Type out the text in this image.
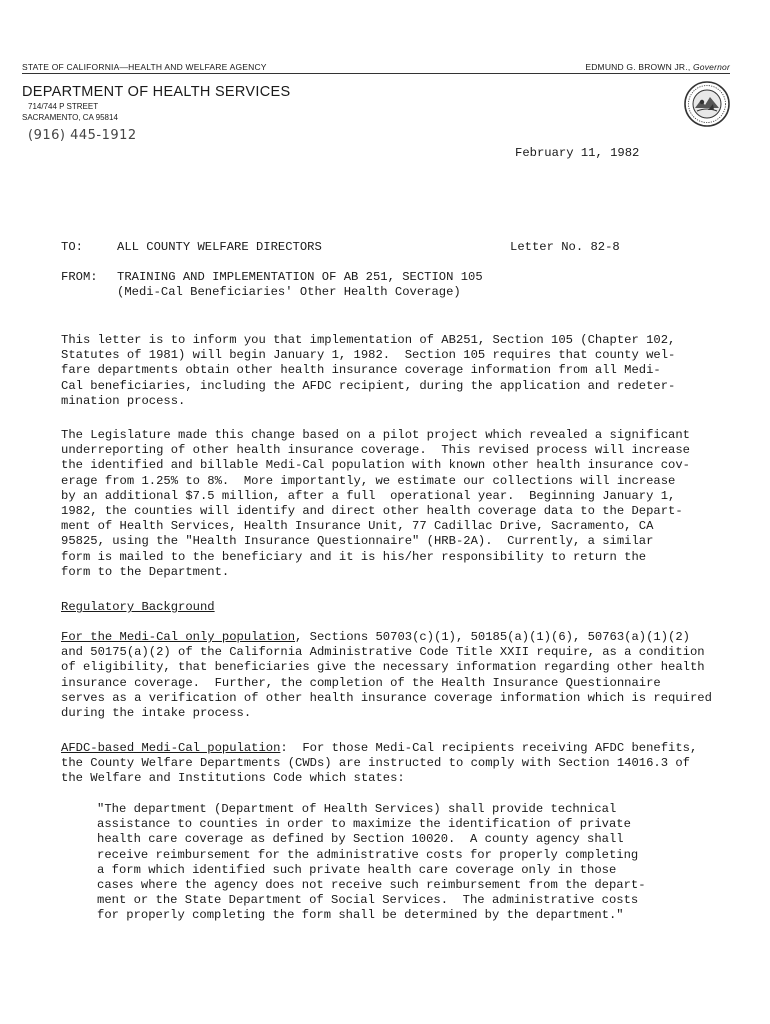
STATE OF CALIFORNIA—HEALTH AND WELFARE AGENCY	EDMUND G. BROWN JR., Governor
DEPARTMENT OF HEALTH SERVICES
714/744 P STREET
SACRAMENTO, CA 95814
(916) 445-1912
February 11, 1982
TO:	ALL COUNTY WELFARE DIRECTORS	Letter No. 82-8
FROM: TRAINING AND IMPLEMENTATION OF AB 251, SECTION 105
(Medi-Cal Beneficiaries' Other Health Coverage)
This letter is to inform you that implementation of AB251, Section 105 (Chapter 102,
Statutes of 1981) will begin January 1, 1982.  Section 105 requires that county wel-
fare departments obtain other health insurance coverage information from all Medi-
Cal beneficiaries, including the AFDC recipient, during the application and redeter-
mination process.
The Legislature made this change based on a pilot project which revealed a significant
underreporting of other health insurance coverage.  This revised process will increase
the identified and billable Medi-Cal population with known other health insurance cov-
erage from 1.25% to 8%.  More importantly, we estimate our collections will increase
by an additional $7.5 million, after a full  operational year.  Beginning January 1,
1982, the counties will identify and direct other health coverage data to the Depart-
ment of Health Services, Health Insurance Unit, 77 Cadillac Drive, Sacramento, CA
95825, using the "Health Insurance Questionnaire" (HRB-2A).  Currently, a similar
form is mailed to the beneficiary and it is his/her responsibility to return the
form to the Department.
Regulatory Background
For the Medi-Cal only population, Sections 50703(c)(1), 50185(a)(1)(6), 50763(a)(1)(2)
and 50175(a)(2) of the California Administrative Code Title XXII require, as a condition
of eligibility, that beneficiaries give the necessary information regarding other health
insurance coverage.  Further, the completion of the Health Insurance Questionnaire
serves as a verification of other health insurance coverage information which is required
during the intake process.
AFDC-based Medi-Cal population:  For those Medi-Cal recipients receiving AFDC benefits,
the County Welfare Departments (CWDs) are instructed to comply with Section 14016.3 of
the Welfare and Institutions Code which states:
"The department (Department of Health Services) shall provide technical
assistance to counties in order to maximize the identification of private
health care coverage as defined by Section 10020.  A county agency shall
receive reimbursement for the administrative costs for properly completing
a form which identified such private health care coverage only in those
cases where the agency does not receive such reimbursement from the depart-
ment or the State Department of Social Services.  The administrative costs
for properly completing the form shall be determined by the department."
